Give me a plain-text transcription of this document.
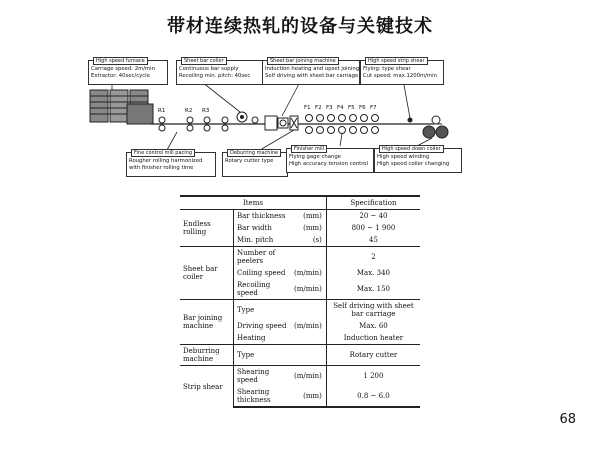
带材连续热轧的设备与关键技术
R1	R2 R3	F1 F2 F3 F4 F5 F6 F7
High speed furnace
Carriage speed: 2m/min
Extractor: 40sec/cycle
Sheet bar coiler
Continuous bar supply
Recoiling min. pitch: 40sec
Sheet bar joining machine
Induction heating and upset joining
Self driving with sheet bar carriage
High speed strip shear
Flying: type shear
Cut speed: max.1200m/min
Fine control mill pacing
Rougher rolling harmonized
with finisher rolling time
Deburring machine
Rotary cutter type
Finisher mill
Flying gage change
High accuracy tension control
High speed down coiler
High speed winding
High speed coiler changing
Items			Specification

Endless rolling	Bar thickness	(mm)	20 ~ 40
	Bar width	(mm)	800 ~ 1 900
	Min. pitch	(s)	45

Sheet bar coiler	Number of peelers		2
	Coiling speed	(m/min)	Max. 340
	Recoiling speed	(m/min)	Max. 150

Bar joining
machine	Type		Self driving with sheet bar carriage
	Driving speed	(m/min)	Max. 60
	Heating		Induction heater

Deburring
machine	Type		Rotary cutter

Strip shear	Shearing speed	(m/min)	1 200
	Shearing thickness	(mm)	0.8 ~ 6.0
68
